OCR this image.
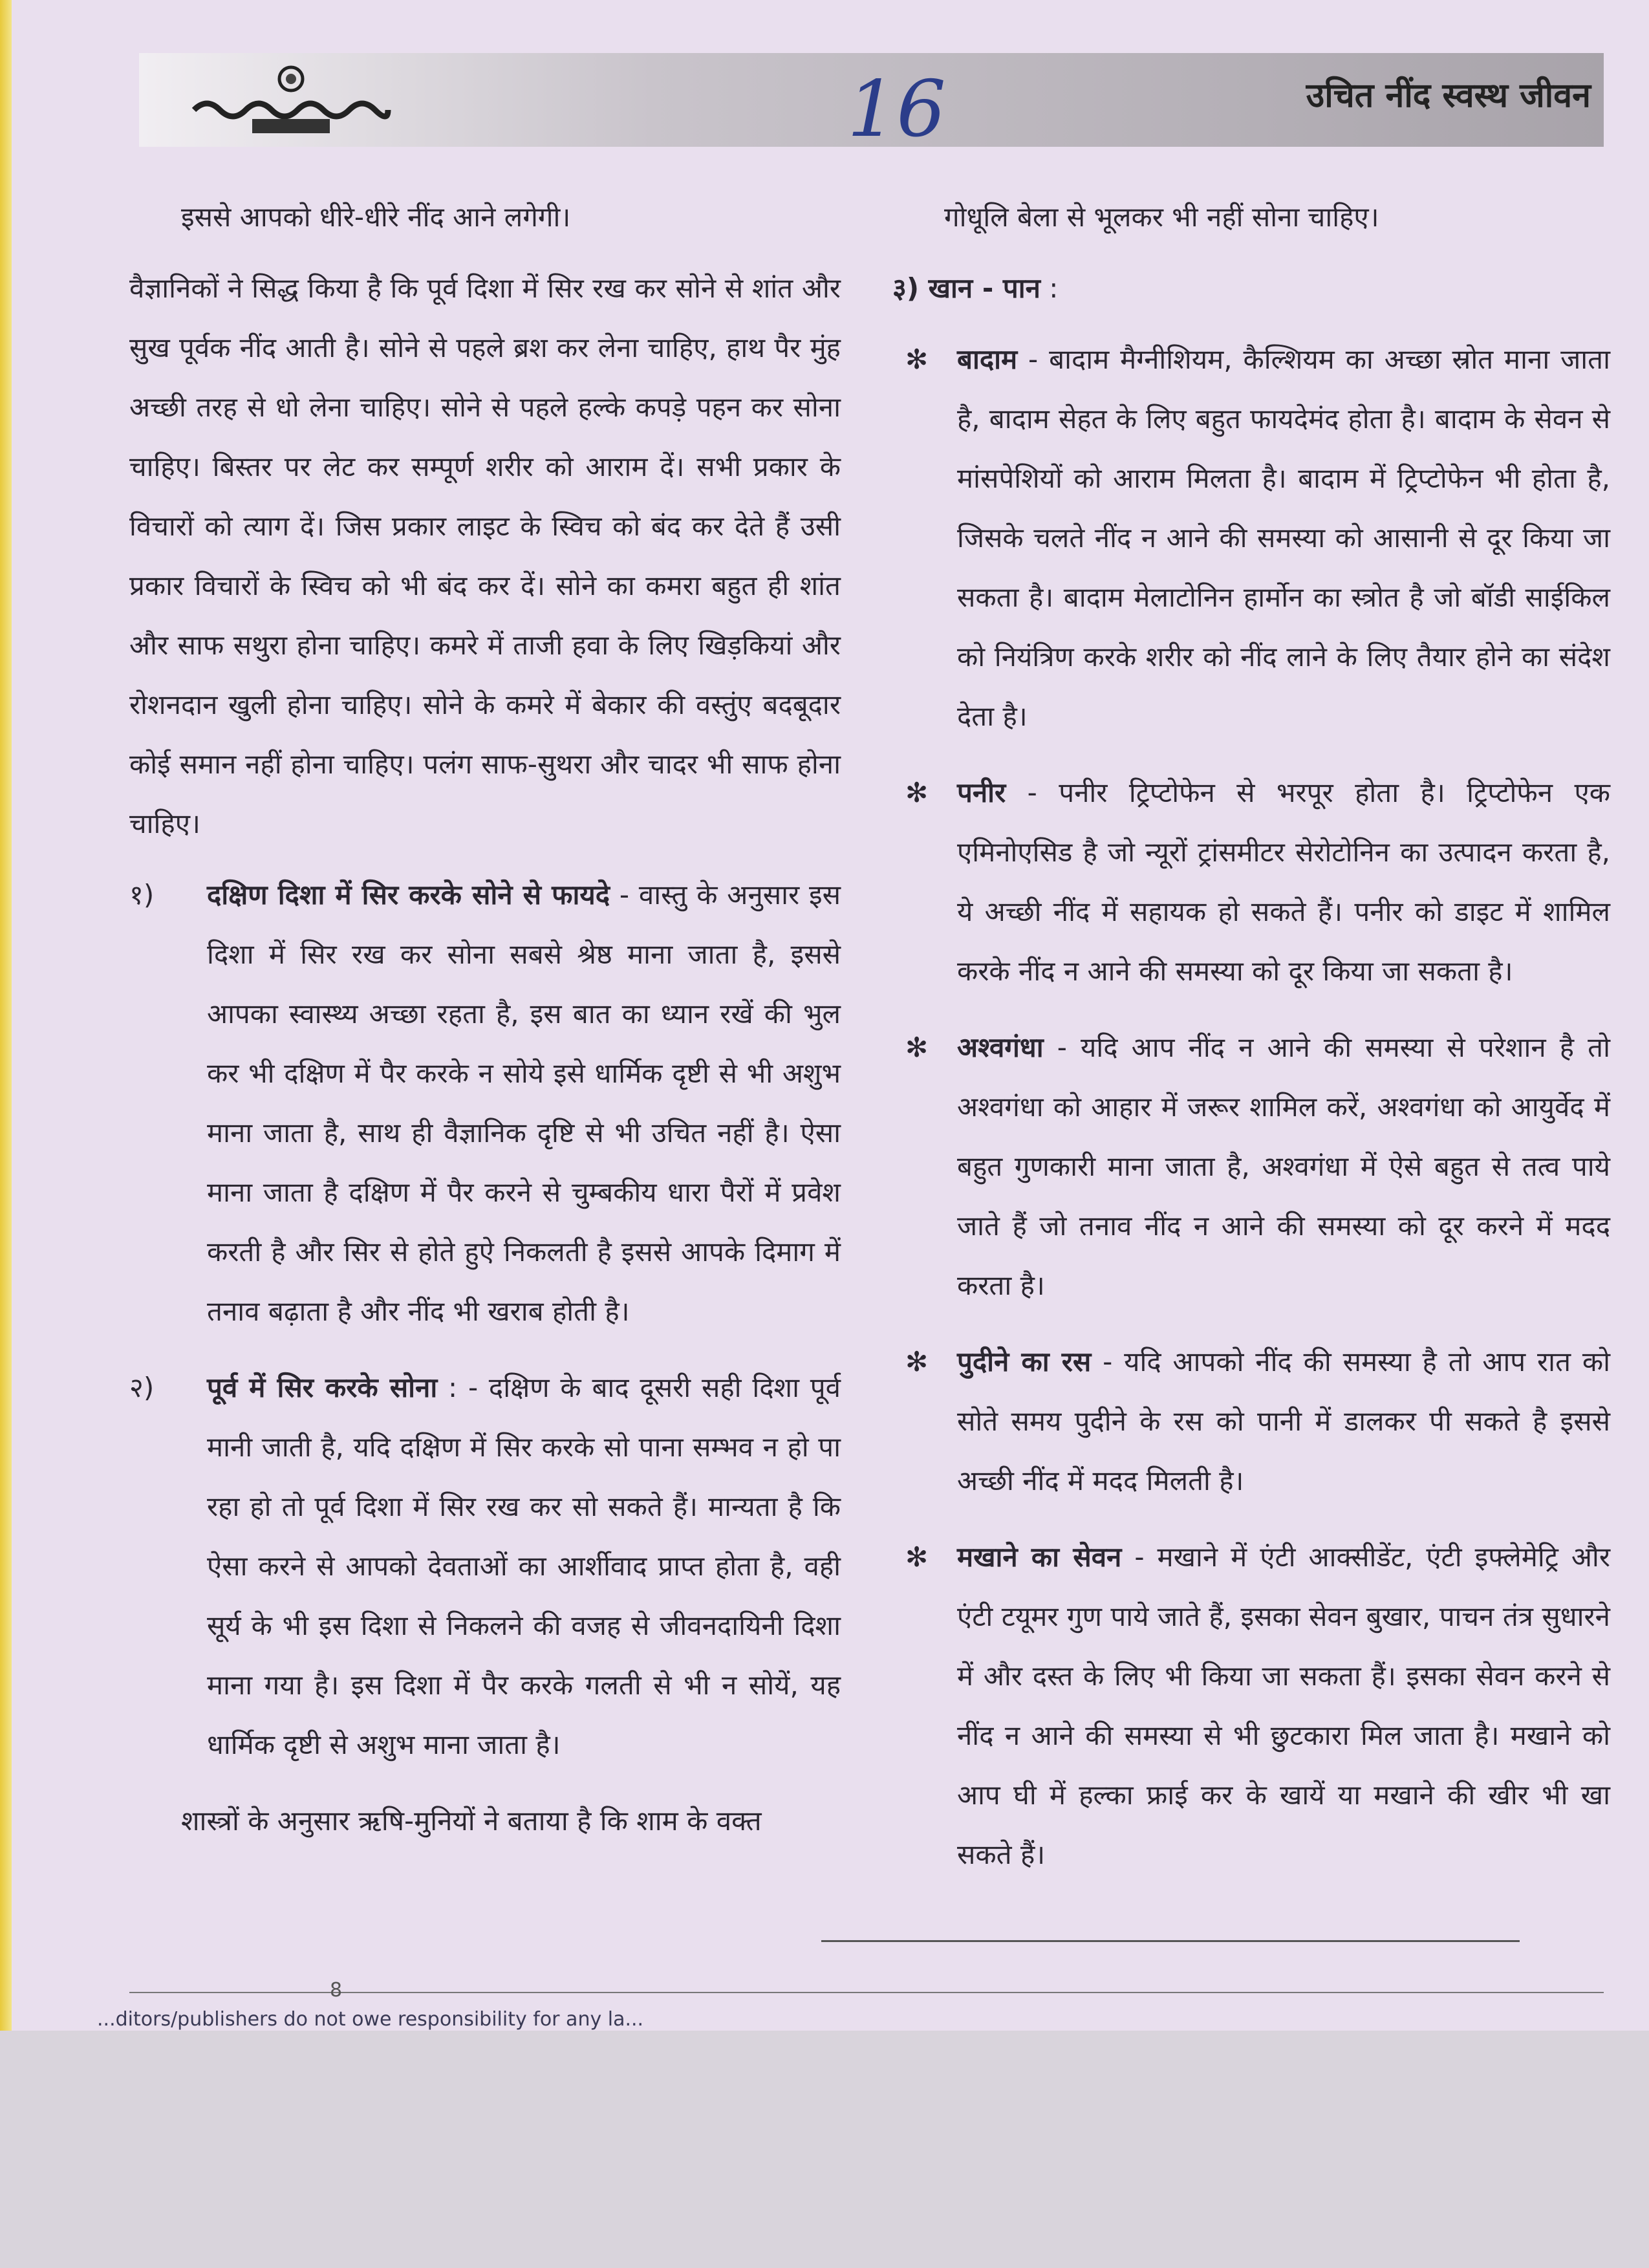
उचित नींद स्वस्थ जीवन
16

इससे आपको धीरे-धीरे नींद आने लगेगी।

वैज्ञानिकों ने सिद्ध किया है कि पूर्व दिशा में सिर रख कर सोने से शांत और सुख पूर्वक नींद आती है। सोने से पहले ब्रश कर लेना चाहिए, हाथ पैर मुंह अच्छी तरह से धो लेना चाहिए। सोने से पहले हल्के कपड़े पहन कर सोना चाहिए। बिस्तर पर लेट कर सम्पूर्ण शरीर को आराम दें। सभी प्रकार के विचारों को त्याग दें। जिस प्रकार लाइट के स्विच को बंद कर देते हैं उसी प्रकार विचारों के स्विच को भी बंद कर दें। सोने का कमरा बहुत ही शांत और साफ सथुरा होना चाहिए। कमरे में ताजी हवा के लिए खिड़कियां और रोशनदान खुली होना चाहिए। सोने के कमरे में बेकार की वस्तुंए बदबूदार कोई समान नहीं होना चाहिए। पलंग साफ-सुथरा और चादर भी साफ होना चाहिए।

१) दक्षिण दिशा में सिर करके सोने से फायदे - वास्तु के अनुसार इस दिशा में सिर रख कर सोना सबसे श्रेष्ठ माना जाता है, इससे आपका स्वास्थ्य अच्छा रहता है, इस बात का ध्यान रखें की भुल कर भी दक्षिण में पैर करके न सोये इसे धार्मिक दृष्टी से भी अशुभ माना जाता है, साथ ही वैज्ञानिक दृष्टि से भी उचित नहीं है। ऐसा माना जाता है दक्षिण में पैर करने से चुम्बकीय धारा पैरों में प्रवेश करती है और सिर से होते हुऐ निकलती है इससे आपके दिमाग में तनाव बढ़ाता है और नींद भी खराब होती है।
२) पूर्व में सिर करके सोना : - दक्षिण के बाद दूसरी सही दिशा पूर्व मानी जाती है, यदि दक्षिण में सिर करके सो पाना सम्भव न हो पा रहा हो तो पूर्व दिशा में सिर रख कर सो सकते हैं। मान्यता है कि ऐसा करने से आपको देवताओं का आर्शीवाद प्राप्त होता है, वही सूर्य के भी इस दिशा से निकलने की वजह से जीवनदायिनी दिशा माना गया है। इस दिशा में पैर करके गलती से भी न सोयें, यह धार्मिक दृष्टी से अशुभ माना जाता है।

शास्त्रों के अनुसार ऋषि-मुनियों ने बताया है कि शाम के वक्त

गोधूलि बेला से भूलकर भी नहीं सोना चाहिए।

३) खान - पान :

✻ बादाम - बादाम मैग्नीशियम, कैल्शियम का अच्छा स्रोत माना जाता है, बादाम सेहत के लिए बहुत फायदेमंद होता है। बादाम के सेवन से मांसपेशियों को आराम मिलता है। बादाम में ट्रिप्टोफेन भी होता है, जिसके चलते नींद न आने की समस्या को आसानी से दूर किया जा सकता है। बादाम मेलाटोनिन हार्मोन का स्त्रोत है जो बॉडी साईकिल को नियंत्रिण करके शरीर को नींद लाने के लिए तैयार होने का संदेश देता है।
✻ पनीर - पनीर ट्रिप्टोफेन से भरपूर होता है। ट्रिप्टोफेन एक एमिनोएसिड है जो न्यूरों ट्रांसमीटर सेरोटोनिन का उत्पादन करता है, ये अच्छी नींद में सहायक हो सकते हैं। पनीर को डाइट में शामिल करके नींद न आने की समस्या को दूर किया जा सकता है।
✻ अश्वगंधा - यदि आप नींद न आने की समस्या से परेशान है तो अश्वगंधा को आहार में जरूर शामिल करें, अश्वगंधा को आयुर्वेद में बहुत गुणकारी माना जाता है, अश्वगंधा में ऐसे बहुत से तत्व पाये जाते हैं जो तनाव नींद न आने की समस्या को दूर करने में मदद करता है।
✻ पुदीने का रस - यदि आपको नींद की समस्या है तो आप रात को सोते समय पुदीने के रस को पानी में डालकर पी सकते है इससे अच्छी नींद में मदद मिलती है।
✻ मखाने का सेवन - मखाने में एंटी आक्सीडेंट, एंटी इफ्लेमेट्रि और एंटी टयूमर गुण पाये जाते हैं, इसका सेवन बुखार, पाचन तंत्र सुधारने में और दस्त के लिए भी किया जा सकता हैं। इसका सेवन करने से नींद न आने की समस्या से भी छुटकारा मिल जाता है। मखाने को आप घी में हल्का फ्राई कर के खायें या मखाने की खीर भी खा सकते हैं।
8
...ditors/publishers do not owe responsibility for any la...
